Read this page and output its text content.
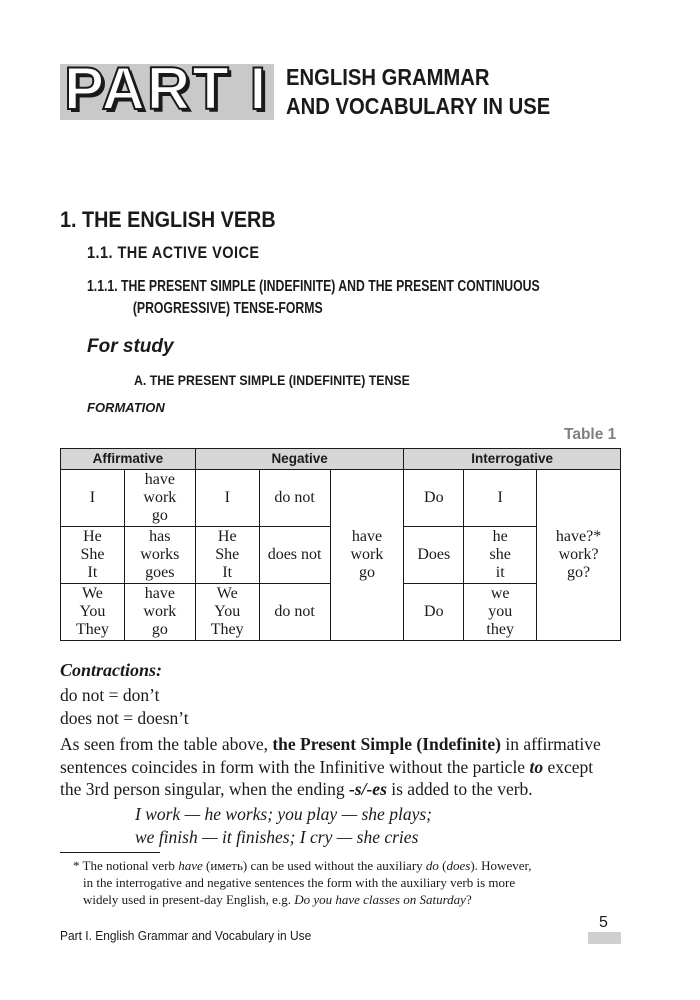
PART I ENGLISH GRAMMAR
AND VOCABULARY IN USE
1. THE ENGLISH VERB
1.1. THE ACTIVE VOICE
1.1.1. THE PRESENT SIMPLE (INDEFINITE) AND THE PRESENT CONTINUOUS
(PROGRESSIVE) TENSE-FORMS
For study
A. THE PRESENT SIMPLE (INDEFINITE) TENSE
FORMATION
Table 1
Affirmative		Negative			Interrogative		

I	have
work
go	I	do not	have
work
go	Do	I	have?*
work?
go?

He
She
It	has
works
goes	He
She
It	does not		Does	he
she
it	

We
You
They	have
work
go	We
You
They	do not		Do	we
you
they	
Contractions:
do not = don’t
does not = doesn’t
As seen from the table above, the Present Simple (Indefinite) in affirmative
sentences coincides in form with the Infinitive without the particle to except
the 3rd person singular, when the ending -s/-es is added to the verb.
I work — he works; you play — she plays;
we finish — it finishes; I cry — she cries
* The notional verb have (иметь) can be used without the auxiliary do (does). However,
in the interrogative and negative sentences the form with the auxiliary verb is more
widely used in present-day English, e.g. Do you have classes on Saturday?
Part I. English Grammar and Vocabulary in Use
5
